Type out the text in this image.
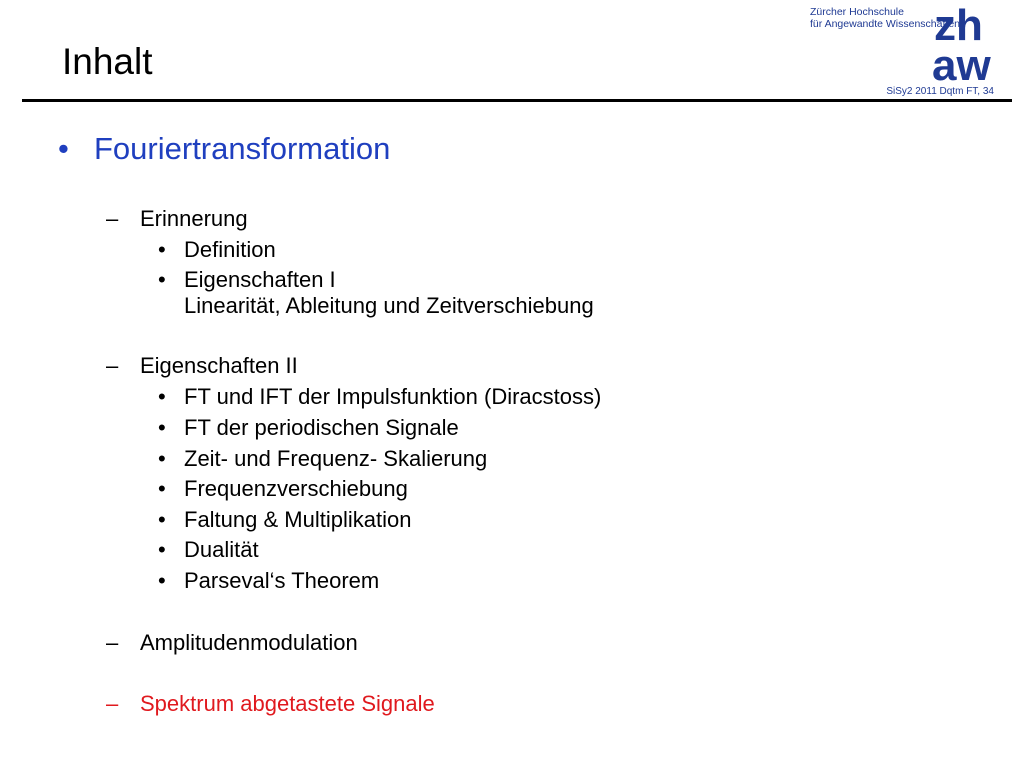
Inhalt
Zürcher Hochschule
für Angewandte Wissenschaften
zh
aw
SiSy2 2011 Dqtm FT, 34
• Fouriertransformation
– Erinnerung
• Definition
• Eigenschaften I
Linearität, Ableitung und Zeitverschiebung
– Eigenschaften II
• FT und IFT der Impulsfunktion (Diracstoss)
• FT der periodischen Signale
• Zeit- und Frequenz- Skalierung
• Frequenzverschiebung
• Faltung & Multiplikation
• Dualität
• Parseval‘s Theorem
– Amplitudenmodulation
– Spektrum abgetastete Signale
